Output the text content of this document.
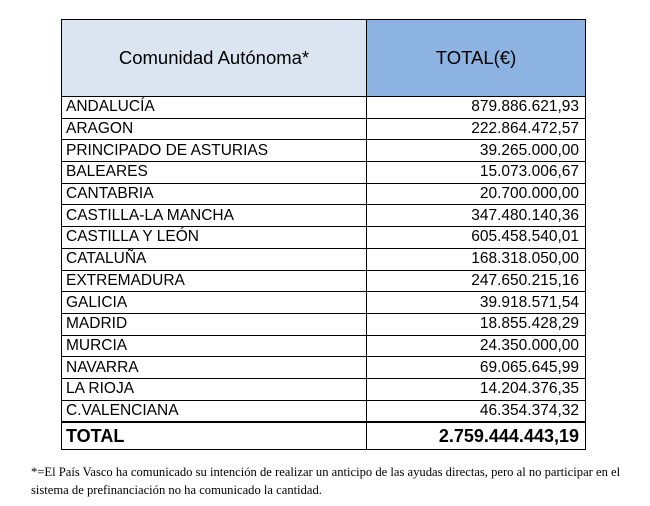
Comunidad Autónoma*	TOTAL(€)
ANDALUCÍA	879.886.621,93
ARAGON	222.864.472,57
PRINCIPADO DE ASTURIAS	39.265.000,00
BALEARES	15.073.006,67
CANTABRIA	20.700.000,00
CASTILLA-LA MANCHA	347.480.140,36
CASTILLA Y LEÓN	605.458.540,01
CATALUÑA	168.318.050,00
EXTREMADURA	247.650.215,16
GALICIA	39.918.571,54
MADRID	18.855.428,29
MURCIA	24.350.000,00
NAVARRA	69.065.645,99
LA RIOJA	14.204.376,35
C.VALENCIANA	46.354.374,32
TOTAL	2.759.444.443,19

*=El País Vasco ha comunicado su intención de realizar un anticipo de las ayudas directas, pero al no participar en el sistema de prefinanciación no ha comunicado la cantidad.
